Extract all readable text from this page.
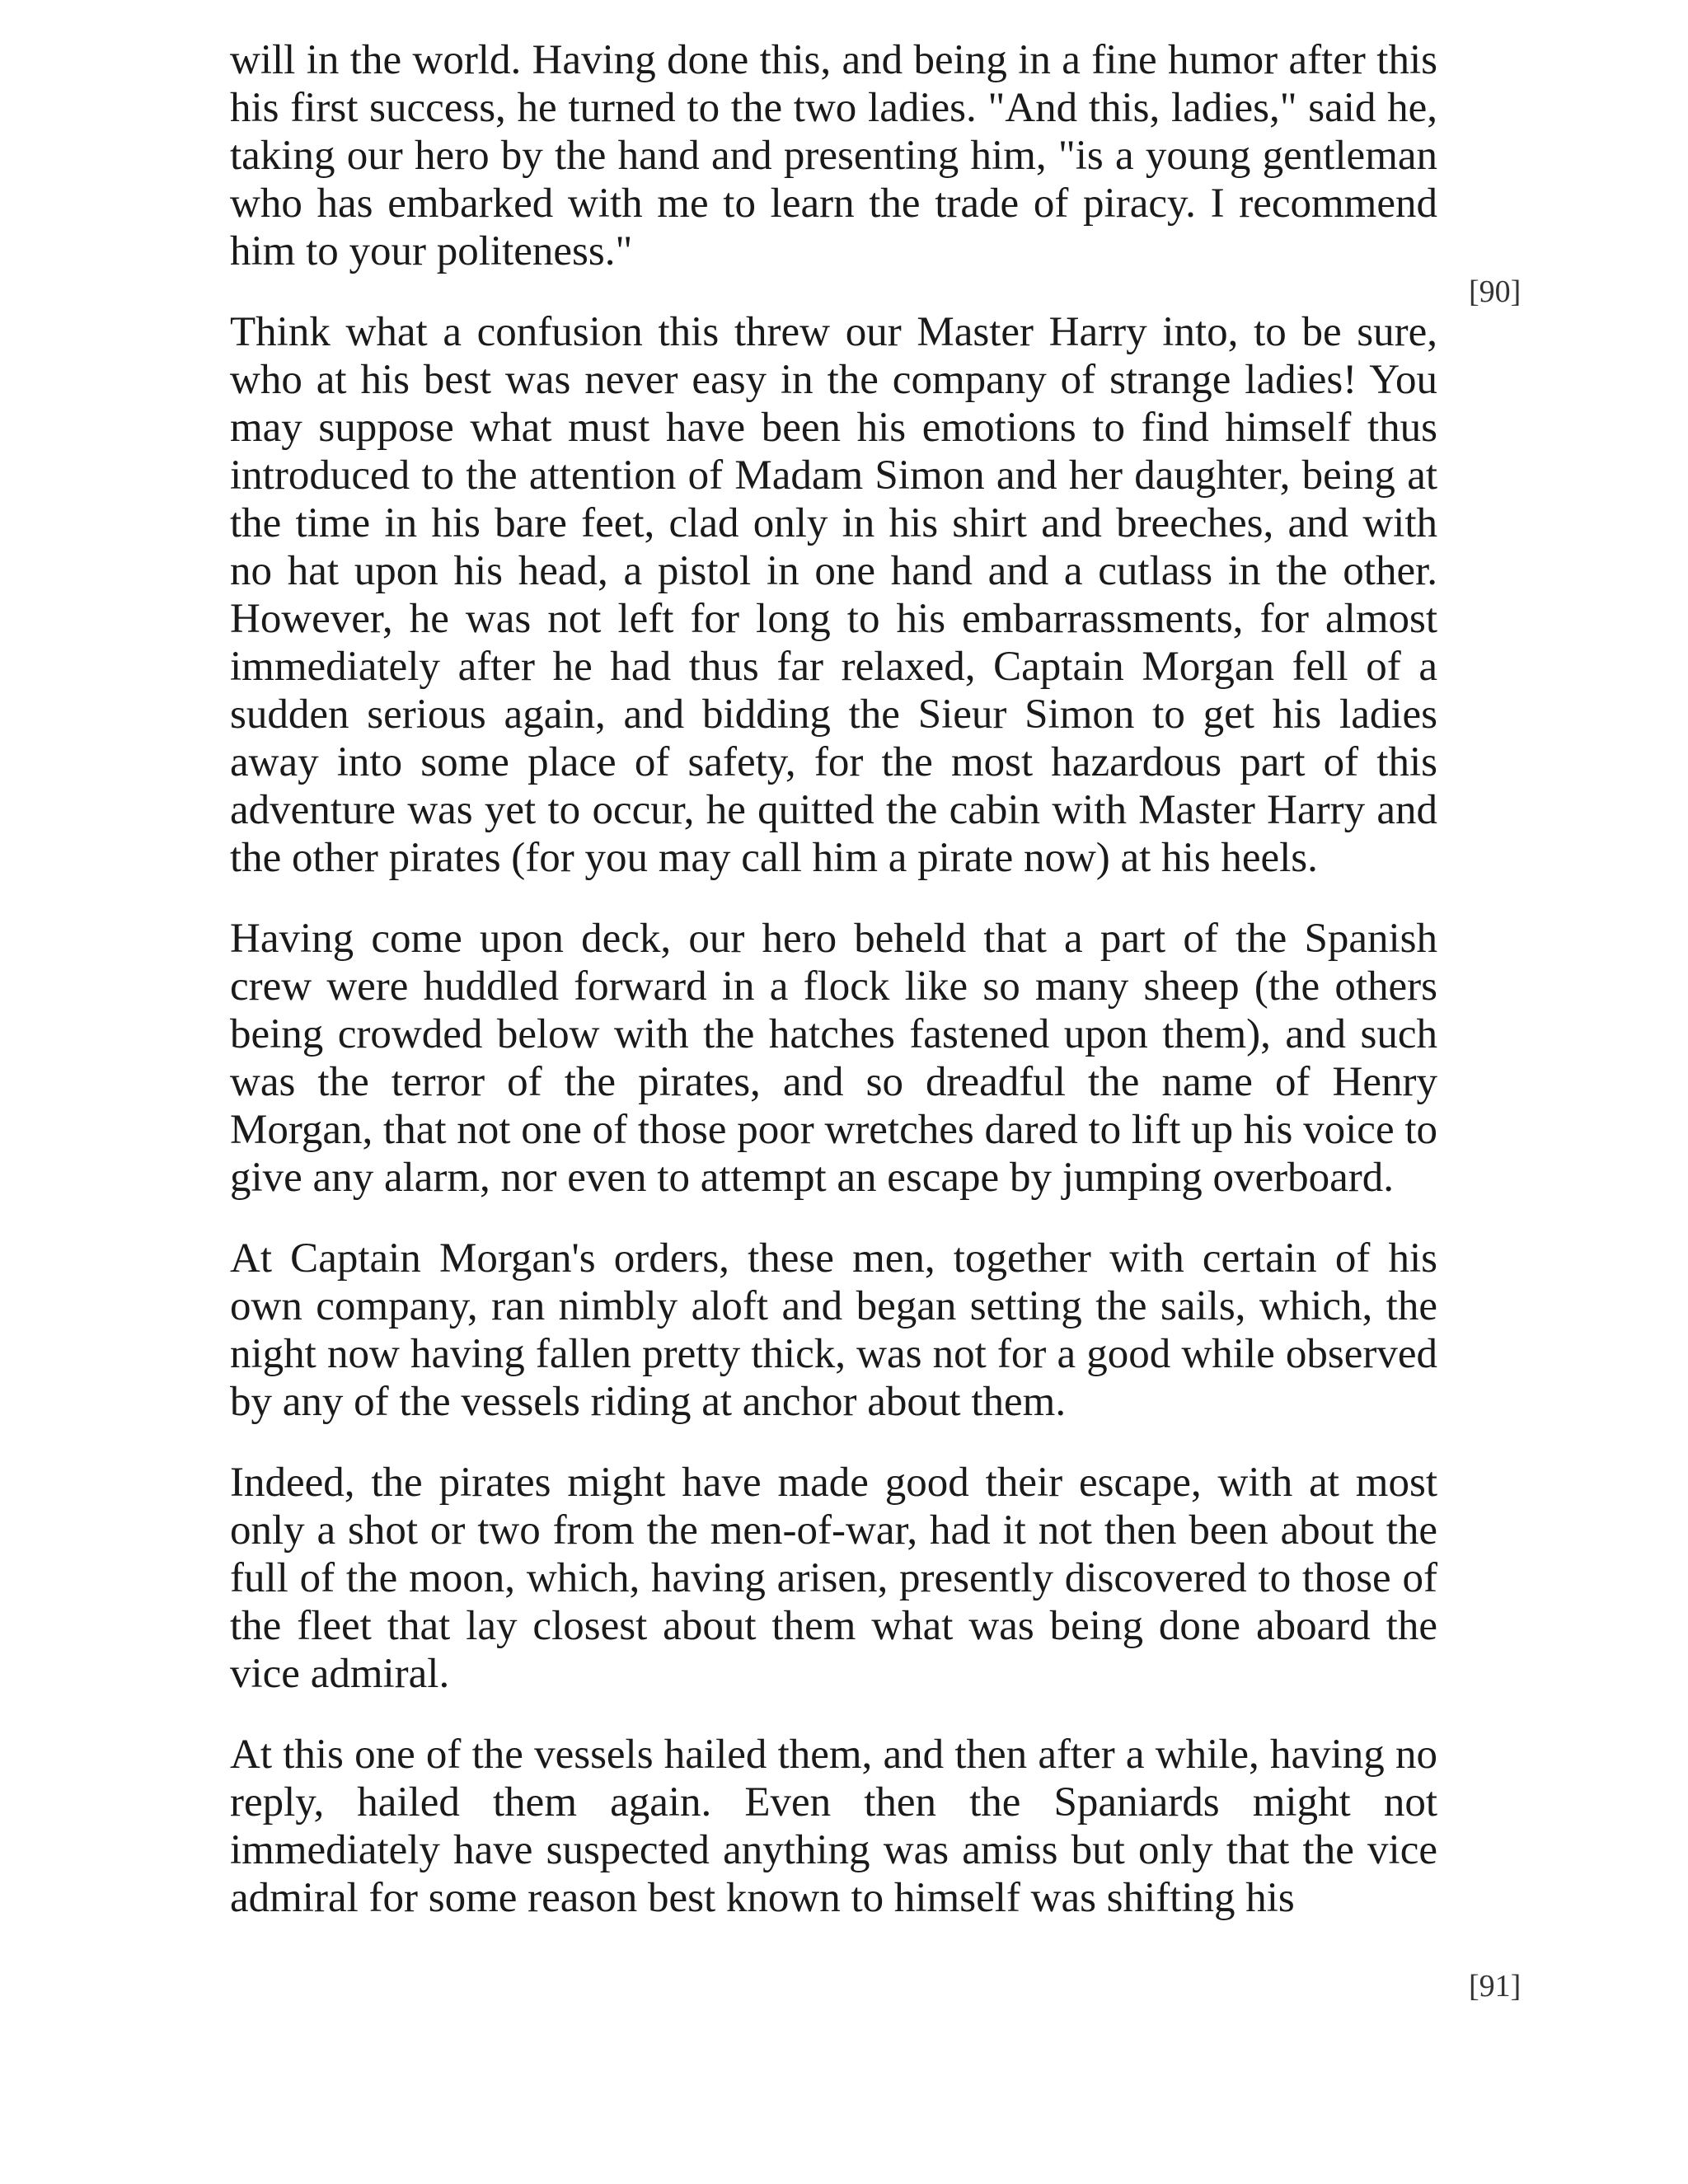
will in the world. Having done this, and being in a fine humor after this his first success, he turned to the two ladies. "And this, ladies," said he, taking our hero by the hand and presenting him, "is a young gentleman who has embarked with me to learn the trade of piracy. I recommend him to your politeness."

Think what a confusion this threw our Master Harry into, to be sure, who at his best was never easy in the company of strange ladies! You may suppose what must have been his emotions to find himself thus introduced to the attention of Madam Simon and her daughter, being at the time in his bare feet, clad only in his shirt and breeches, and with no hat upon his head, a pistol in one hand and a cutlass in the other. However, he was not left for long to his embarrassments, for almost immediately after he had thus far relaxed, Captain Morgan fell of a sudden serious again, and bidding the Sieur Simon to get his ladies away into some place of safety, for the most hazardous part of this adventure was yet to occur, he quitted the cabin with Master Harry and the other pirates (for you may call him a pirate now) at his heels.

Having come upon deck, our hero beheld that a part of the Spanish crew were huddled forward in a flock like so many sheep (the others being crowded below with the hatches fastened upon them), and such was the terror of the pirates, and so dreadful the name of Henry Morgan, that not one of those poor wretches dared to lift up his voice to give any alarm, nor even to attempt an escape by jumping overboard.

At Captain Morgan's orders, these men, together with certain of his own company, ran nimbly aloft and began setting the sails, which, the night now having fallen pretty thick, was not for a good while observed by any of the vessels riding at anchor about them.

Indeed, the pirates might have made good their escape, with at most only a shot or two from the men-of-war, had it not then been about the full of the moon, which, having arisen, presently discovered to those of the fleet that lay closest about them what was being done aboard the vice admiral.

At this one of the vessels hailed them, and then after a while, having no reply, hailed them again. Even then the Spaniards might not immediately have suspected anything was amiss but only that the vice admiral for some reason best known to himself was shifting his

[90]
[91]
